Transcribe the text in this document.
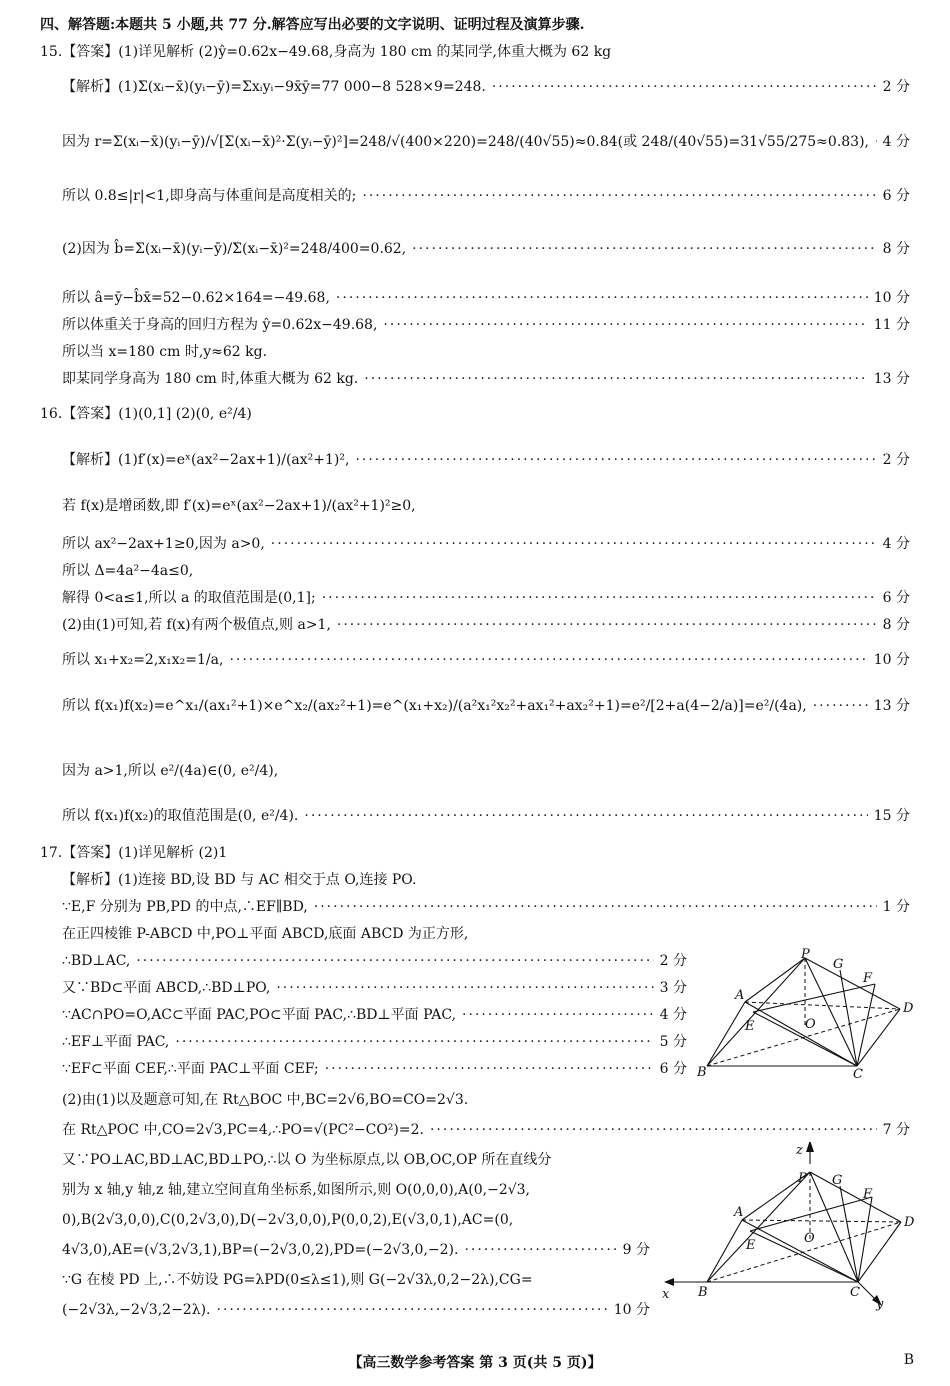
四、解答题:本题共 5 小题,共 77 分.解答应写出必要的文字说明、证明过程及演算步骤.
15.【答案】(1)详见解析 (2)ŷ=0.62x−49.68,身高为 180 cm 的某同学,体重大概为 62 kg
【解析】(1)Σ(xᵢ−x̄)(yᵢ−ȳ)=Σxᵢyᵢ−9x̄ȳ=77 000−8 528×9=248. ·····	2 分
因为 r=Σ(xᵢ−x̄)(yᵢ−ȳ)/√[Σ(xᵢ−x̄)²·Σ(yᵢ−ȳ)²]=248/√(400×220)=248/(40√55)≈0.84(或 248/(40√55)=31√55/275≈0.83), ····· 4 分
所以 0.8≤|r|<1,即身高与体重间是高度相关的; ·····	6 分
(2)因为 b̂=Σ(xᵢ−x̄)(yᵢ−ȳ)/Σ(xᵢ−x̄)²=248/400=0.62, ·····	8 分
所以 â=ȳ−b̂x̄=52−0.62×164=−49.68, ·····	10 分
所以体重关于身高的回归方程为 ŷ=0.62x−49.68, ·····	11 分
所以当 x=180 cm 时,y≈62 kg.
即某同学身高为 180 cm 时,体重大概为 62 kg. ·····	13 分
16.【答案】(1)(0,1] (2)(0, e²/4)
【解析】(1)f′(x)=eˣ(ax²−2ax+1)/(ax²+1)², ·····	2 分
若 f(x)是增函数,即 f′(x)=eˣ(ax²−2ax+1)/(ax²+1)²≥0,
所以 ax²−2ax+1≥0,因为 a>0, ·····	4 分
所以 Δ=4a²−4a≤0,
解得 0<a≤1,所以 a 的取值范围是(0,1]; ·····	6 分
(2)由(1)可知,若 f(x)有两个极值点,则 a>1, ·····	8 分
所以 x₁+x₂=2,x₁x₂=1/a, ·····	10 分
所以 f(x₁)f(x₂)=e^x₁/(ax₁²+1)×e^x₂/(ax₂²+1)=e^(x₁+x₂)/(a²x₁²x₂²+ax₁²+ax₂²+1)=e²/[2+a(4−2/a)]=e²/(4a), ·····	13 分
因为 a>1,所以 e²/(4a)∈(0, e²/4),
所以 f(x₁)f(x₂)的取值范围是(0, e²/4). ·····	15 分
17.【答案】(1)详见解析 (2)1
【解析】(1)连接 BD,设 BD 与 AC 相交于点 O,连接 PO.
∵E,F 分别为 PB,PD 的中点,∴EF∥BD, ·····	1 分
在正四棱锥 P-ABCD 中,PO⊥平面 ABCD,底面 ABCD 为正方形,
∴BD⊥AC, ·····	2 分
又∵BD⊂平面 ABCD,∴BD⊥PO, ·····	3 分
∵AC∩PO=O,AC⊂平面 PAC,PO⊂平面 PAC,∴BD⊥平面 PAC, ·····	4 分
∴EF⊥平面 PAC, ·····	5 分
∵EF⊂平面 CEF,∴平面 PAC⊥平面 CEF; ·····	6 分
(2)由(1)以及题意可知,在 Rt△BOC 中,BC=2√6,BO=CO=2√3.
在 Rt△POC 中,CO=2√3,PC=4,∴PO=√(PC²−CO²)=2. ·····	7 分
又∵PO⊥AC,BD⊥AC,BD⊥PO,∴以 O 为坐标原点,以 OB,OC,OP 所在直线分
别为 x 轴,y 轴,z 轴,建立空间直角坐标系,如图所示,则 O(0,0,0),A(0,−2√3,
0),B(2√3,0,0),C(0,2√3,0),D(−2√3,0,0),P(0,0,2),E(√3,0,1),AC=(0,
4√3,0),AE=(√3,2√3,1),BP=(−2√3,0,2),PD=(−2√3,0,−2). ·····	9 分
∵G 在棱 PD 上,∴不妨设 PG=λPD(0≤λ≤1),则 G(−2√3λ,0,2−2λ),CG=
(−2√3λ,−2√3,2−2λ). ·····	10 分
P
G
F
A
E	O
D
B	C
z
P G
F
A
E	O
D
B	C
x
y
【高三数学参考答案 第 3 页(共 5 页)】	B
